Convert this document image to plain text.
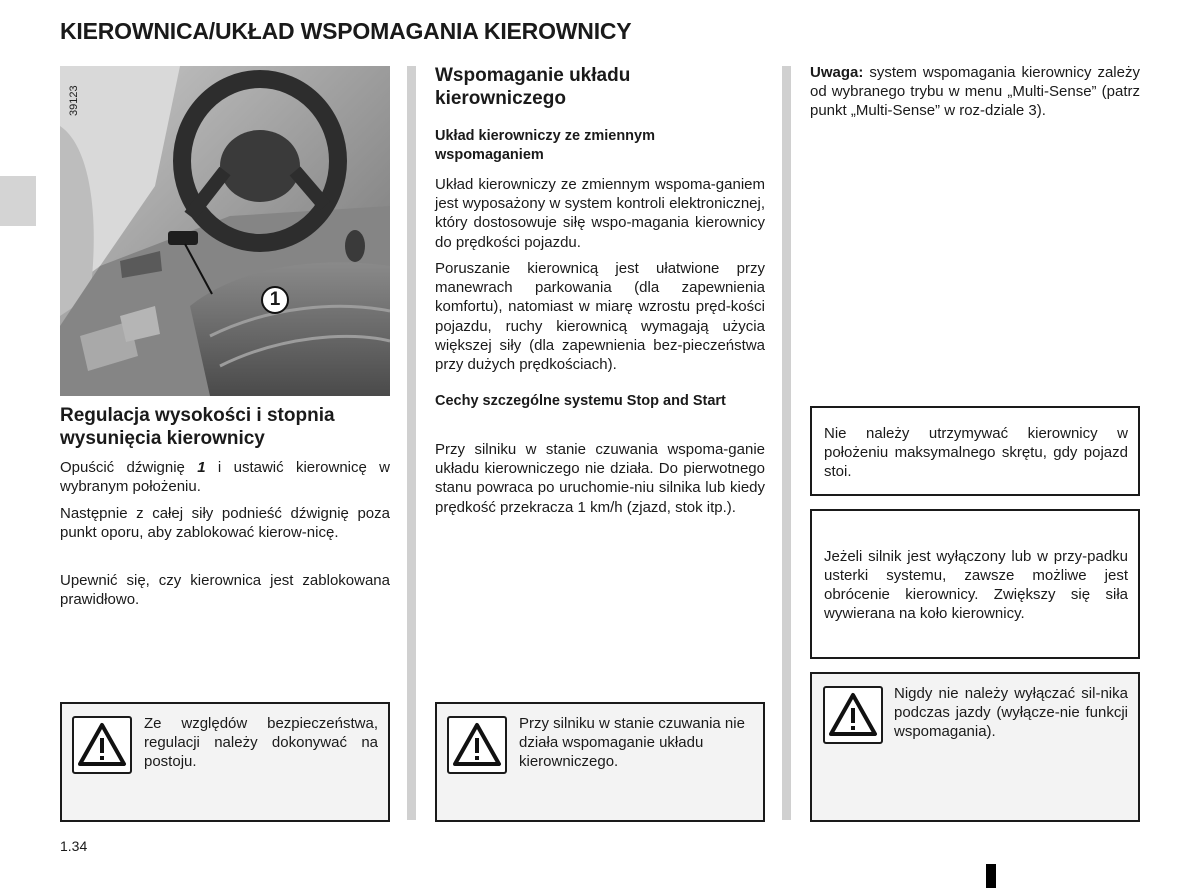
KIEROWNICA/UKŁAD WSPOMAGANIA KIEROWNICY
39123
1
Regulacja wysokości i stopnia wysunięcia kierownicy
Opuścić dźwignię 1 i ustawić kierownicę w wybranym położeniu.
Następnie z całej siły podnieść dźwignię poza punkt oporu, aby zablokować kierow-nicę.
Upewnić się, czy kierownica jest zablokowana prawidłowo.
Ze względów bezpieczeństwa, regulacji należy dokonywać na postoju.
Wspomaganie układu kierowniczego
Układ kierowniczy ze zmiennym wspomaganiem
Układ kierowniczy ze zmiennym wspoma-ganiem jest wyposażony w system kontroli elektronicznej, który dostosowuje siłę wspo-magania kierownicy do prędkości pojazdu.
Poruszanie kierownicą jest ułatwione przy manewrach parkowania (dla zapewnienia komfortu), natomiast w miarę wzrostu pręd-kości pojazdu, ruchy kierownicą wymagają użycia większej siły (dla zapewnienia bez-pieczeństwa przy dużych prędkościach).
Cechy szczególne systemu Stop and Start
Przy silniku w stanie czuwania wspoma-ganie układu kierowniczego nie działa. Do pierwotnego stanu powraca po uruchomie-niu silnika lub kiedy prędkość przekracza 1 km/h (zjazd, stok itp.).
Przy silniku w stanie czuwania nie działa wspomaganie układu kierowniczego.
Uwaga: system wspomagania kierownicy zależy od wybranego trybu w menu „Multi-Sense” (patrz punkt „Multi-Sense” w roz-dziale 3).
Nie należy utrzymywać kierownicy w położeniu maksymalnego skrętu, gdy pojazd stoi.
Jeżeli silnik jest wyłączony lub w przy-padku usterki systemu, zawsze możliwe jest obrócenie kierownicy. Zwiększy się siła wywierana na koło kierownicy.
Nigdy nie należy wyłączać sil-nika podczas jazdy (wyłącze-nie funkcji wspomagania).
1.34
